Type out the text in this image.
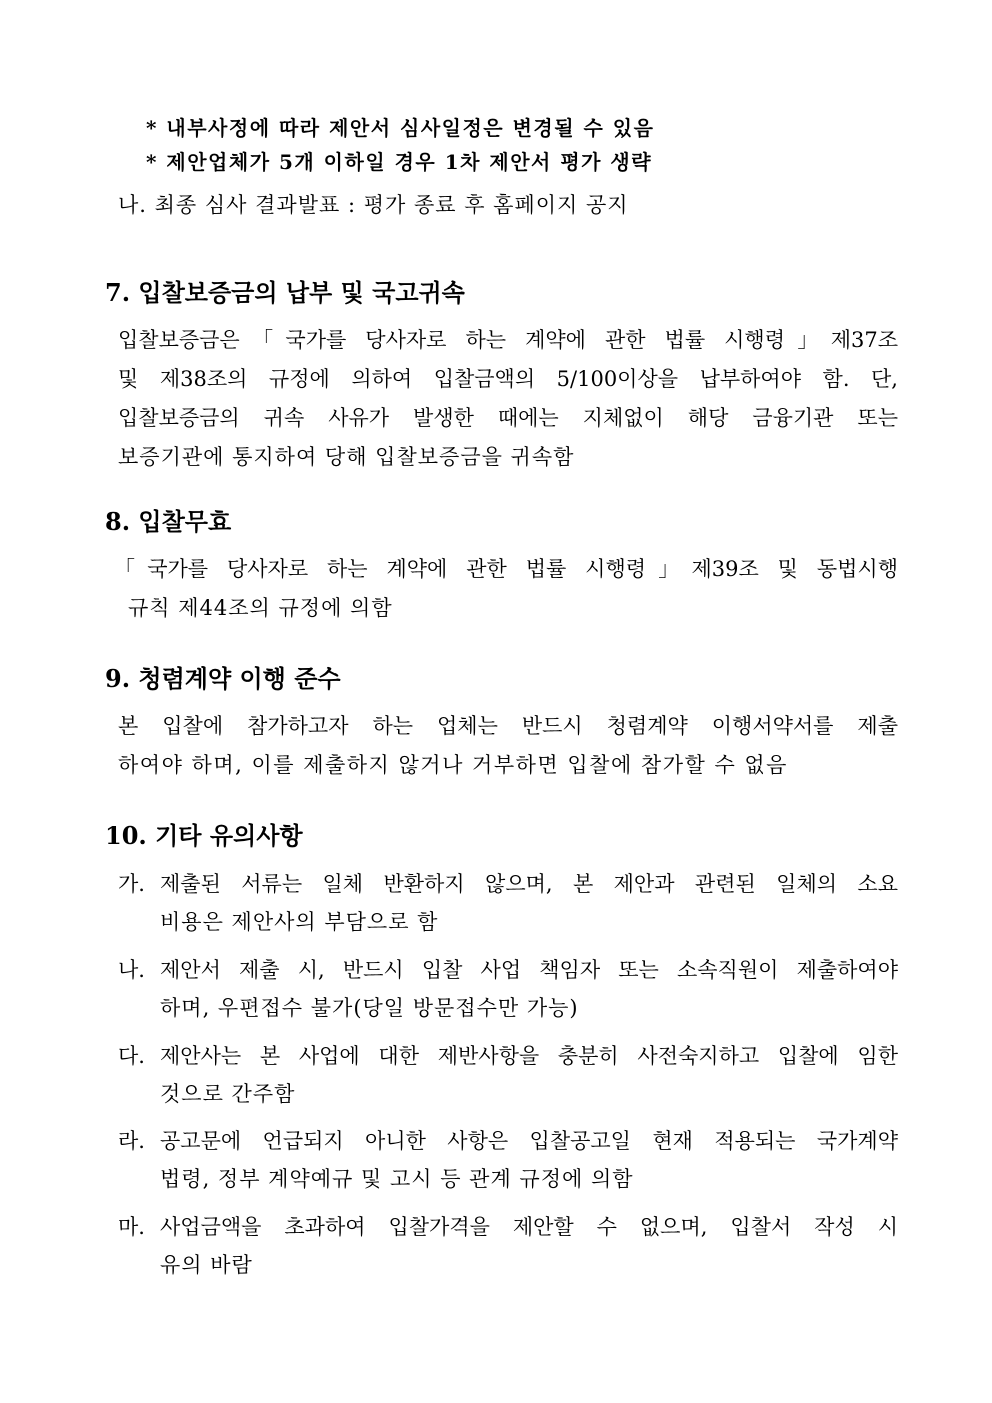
* 내부사정에 따라 제안서 심사일정은 변경될 수 있음
* 제안업체가 5개 이하일 경우 1차 제안서 평가 생략
나. 최종 심사 결과발표 : 평가 종료 후 홈페이지 공지
7. 입찰보증금의 납부 및 국고귀속
입찰보증금은「국가를 당사자로 하는 계약에 관한 법률 시행령」제37조
및 제38조의 규정에 의하여 입찰금액의 5/100이상을 납부하여야 함. 단,
입찰보증금의 귀속 사유가 발생한 때에는 지체없이 해당 금융기관 또는
보증기관에 통지하여 당해 입찰보증금을 귀속함
8. 입찰무효
「국가를 당사자로 하는 계약에 관한 법률 시행령」제39조 및 동법시행
규칙 제44조의 규정에 의함
9. 청렴계약 이행 준수
본 입찰에 참가하고자 하는 업체는 반드시 청렴계약 이행서약서를 제출
하여야 하며, 이를 제출하지 않거나 거부하면 입찰에 참가할 수 없음
10. 기타 유의사항
가. 제출된 서류는 일체 반환하지 않으며, 본 제안과 관련된 일체의 소요
비용은 제안사의 부담으로 함
나. 제안서 제출 시, 반드시 입찰 사업 책임자 또는 소속직원이 제출하여야
하며, 우편접수 불가(당일 방문접수만 가능)
다. 제안사는 본 사업에 대한 제반사항을 충분히 사전숙지하고 입찰에 임한
것으로 간주함
라. 공고문에 언급되지 아니한 사항은 입찰공고일 현재 적용되는 국가계약
법령, 정부 계약예규 및 고시 등 관계 규정에 의함
마. 사업금액을 초과하여 입찰가격을 제안할 수 없으며, 입찰서 작성 시
유의 바람
